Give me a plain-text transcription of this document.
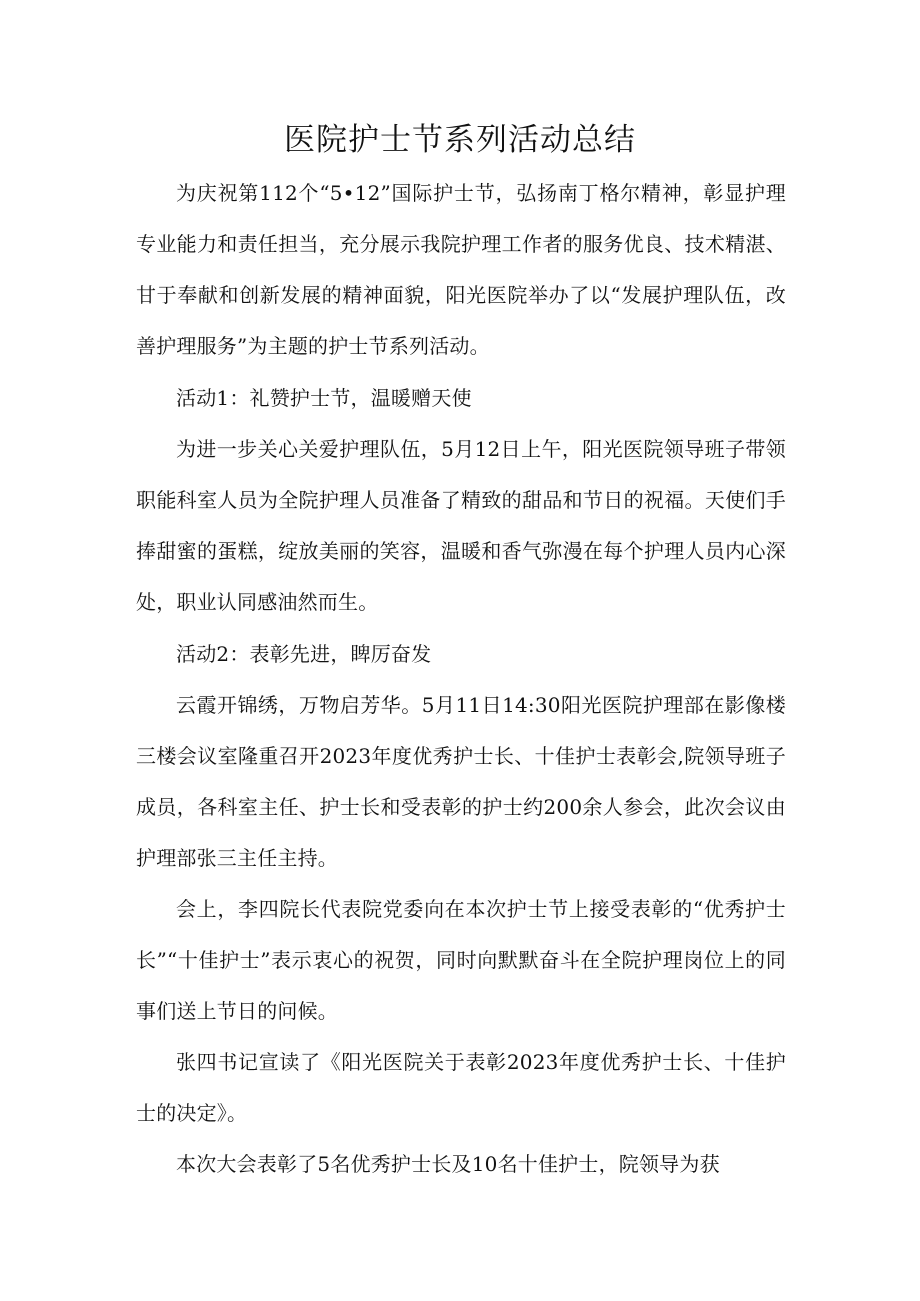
医院护士节系列活动总结

为庆祝第112个“5•12”国际护士节，弘扬南丁格尔精神，彰显护理专业能力和责任担当，充分展示我院护理工作者的服务优良、技术精湛、甘于奉献和创新发展的精神面貌，阳光医院举办了以“发展护理队伍，改善护理服务”为主题的护士节系列活动。

活动1：礼赞护士节，温暖赠天使

为进一步关心关爱护理队伍，5月12日上午，阳光医院领导班子带领职能科室人员为全院护理人员准备了精致的甜品和节日的祝福。天使们手捧甜蜜的蛋糕，绽放美丽的笑容，温暖和香气弥漫在每个护理人员内心深处，职业认同感油然而生。

活动2：表彰先进，睥厉奋发

云霞开锦绣，万物启芳华。5月11日14:30阳光医院护理部在影像楼三楼会议室隆重召开2023年度优秀护士长、十佳护士表彰会,院领导班子成员，各科室主任、护士长和受表彰的护士约200余人参会，此次会议由护理部张三主任主持。

会上，李四院长代表院党委向在本次护士节上接受表彰的“优秀护士长”“十佳护士”表示衷心的祝贺，同时向默默奋斗在全院护理岗位上的同事们送上节日的问候。

张四书记宣读了《阳光医院关于表彰2023年度优秀护士长、十佳护士的决定》。

本次大会表彰了5名优秀护士长及10名十佳护士，院领导为获
